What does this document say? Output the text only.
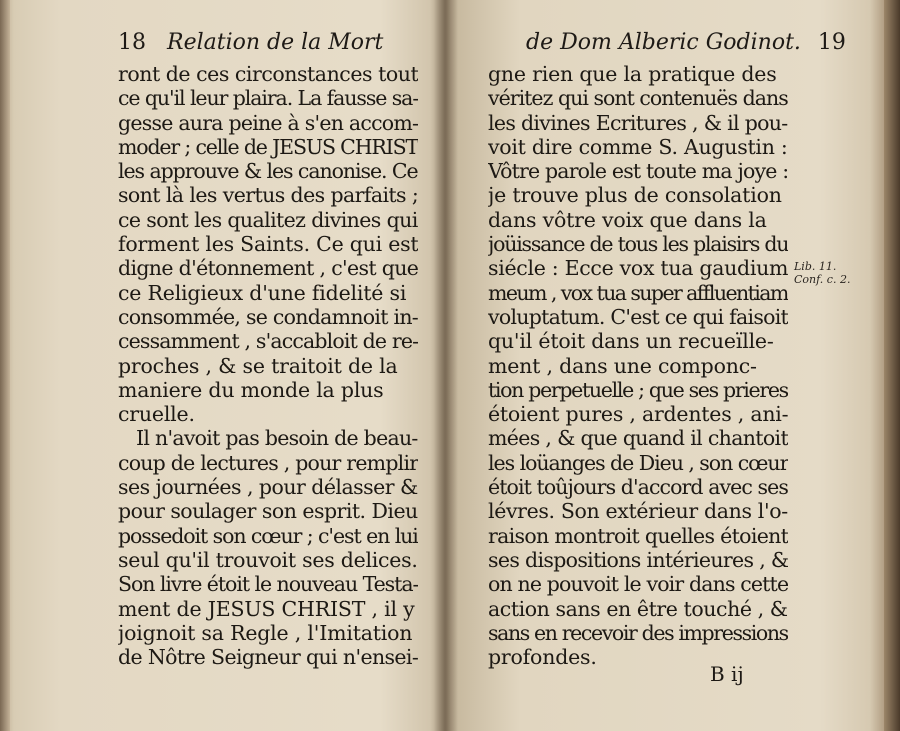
18 Relation de la Mort
ront de ces circonstances tout
ce qu'il leur plaira. La fausse sa-
gesse aura peine à s'en accom-
moder ; celle de JESUS CHRIST
les approuve & les canonise. Ce
sont là les vertus des parfaits ;
ce sont les qualitez divines qui
forment les Saints. Ce qui est
digne d'étonnement , c'est que
ce Religieux d'une fidelité si
consommée, se condamnoit in-
cessamment , s'accabloit de re-
proches , & se traitoit de la
maniere du monde la plus
cruelle.
Il n'avoit pas besoin de beau-
coup de lectures , pour remplir
ses journées , pour délasser &
pour soulager son esprit. Dieu
possedoit son cœur ; c'est en lui
seul qu'il trouvoit ses delices.
Son livre étoit le nouveau Testa-
ment de JESUS CHRIST , il y
joignoit sa Regle , l'Imitation
de Nôtre Seigneur qui n'ensei-
de Dom Alberic Godinot. 19
gne rien que la pratique des
véritez qui sont contenuës dans
les divines Ecritures , & il pou-
voit dire comme S. Augustin :
Vôtre parole est toute ma joye :
je trouve plus de consolation
dans vôtre voix que dans la
joüissance de tous les plaisirs du
siécle : Ecce vox tua gaudium
meum , vox tua super affluentiam
voluptatum. C'est ce qui faisoit
qu'il étoit dans un recueïlle-
ment , dans une componc-
tion perpetuelle ; que ses prieres
étoient pures , ardentes , ani-
mées , & que quand il chantoit
les loüanges de Dieu , son cœur
étoit toûjours d'accord avec ses
lévres. Son extérieur dans l'o-
raison montroit quelles étoient
ses dispositions intérieures , &
on ne pouvoit le voir dans cette
action sans en être touché , &
sans en recevoir des impressions
profondes.
Lib. 11.
Conf. c. 2.
B ij
